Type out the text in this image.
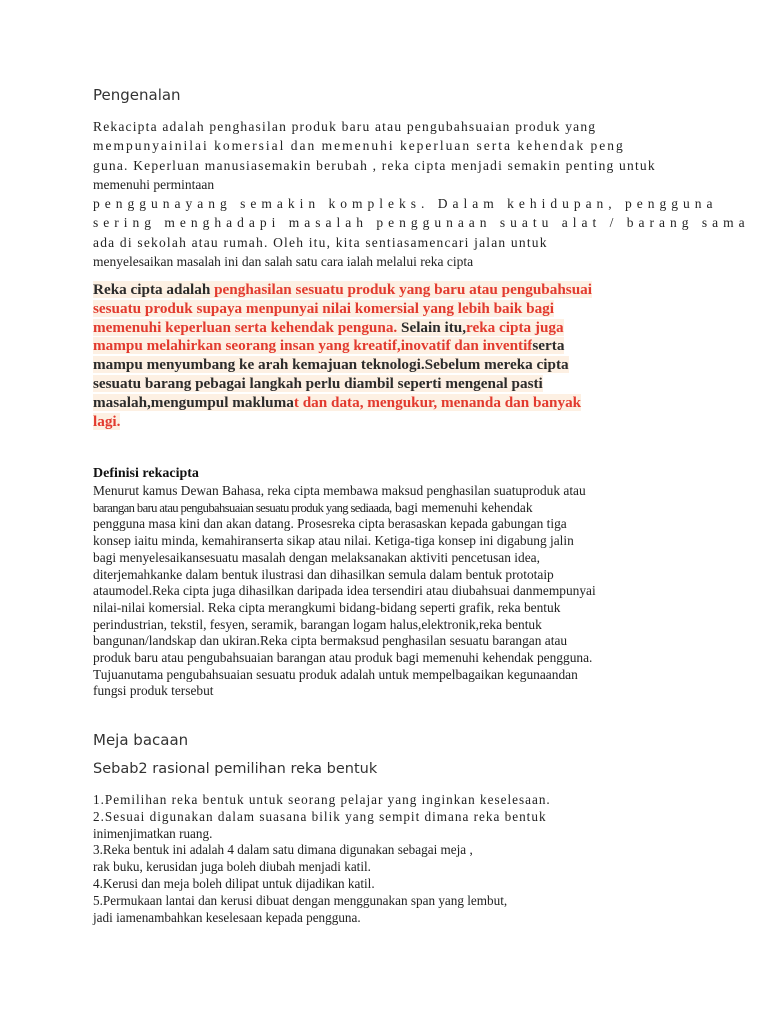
Pengenalan
Rekacipta adalah penghasilan produk baru atau pengubahsuaian produk yang
mempunyainilai komersial dan memenuhi keperluan serta kehendak peng
guna. Keperluan manusiasemakin berubah , reka cipta menjadi semakin penting untuk
memenuhi permintaan
penggunayang semakin kompleks. Dalam kehidupan, pengguna
sering menghadapi masalah penggunaan suatu alat / barang sama
ada di sekolah atau rumah. Oleh itu, kita sentiasamencari jalan untuk
menyelesaikan masalah ini dan salah satu cara ialah melalui reka cipta
Reka cipta adalah penghasilan sesuatu produk yang baru atau pengubahsuai
sesuatu produk supaya menpunyai nilai komersial yang lebih baik bagi
memenuhi keperluan serta kehendak penguna. Selain itu,reka cipta juga
mampu melahirkan seorang insan yang kreatif,inovatif dan inventifserta
mampu menyumbang ke arah kemajuan teknologi.Sebelum mereka cipta
sesuatu barang pebagai langkah perlu diambil seperti mengenal pasti
masalah,mengumpul maklumat dan data, mengukur, menanda dan banyak
lagi.
Definisi rekacipta
Menurut kamus Dewan Bahasa, reka cipta membawa maksud penghasilan suatuproduk atau
barangan baru atau pengubahsuaian sesuatu produk yang sediaada, bagi memenuhi kehendak
pengguna masa kini dan akan datang. Prosesreka cipta berasaskan kepada gabungan tiga
konsep iaitu minda, kemahiranserta sikap atau nilai. Ketiga-tiga konsep ini digabung jalin
bagi menyelesaikansesuatu masalah dengan melaksanakan aktiviti pencetusan idea,
diterjemahkanke dalam bentuk ilustrasi dan dihasilkan semula dalam bentuk prototaip
ataumodel.Reka cipta juga dihasilkan daripada idea tersendiri atau diubahsuai danmempunyai
nilai-nilai komersial. Reka cipta merangkumi bidang-bidang seperti grafik, reka bentuk
perindustrian, tekstil, fesyen, seramik, barangan logam halus,elektronik,reka bentuk
bangunan/landskap dan ukiran.Reka cipta bermaksud penghasilan sesuatu barangan atau
produk baru atau pengubahsuaian barangan atau produk bagi memenuhi kehendak pengguna.
Tujuanutama pengubahsuaian sesuatu produk adalah untuk mempelbagaikan kegunaandan
fungsi produk tersebut
Meja bacaan
Sebab2 rasional pemilihan reka bentuk
1.Pemilihan reka bentuk untuk seorang pelajar yang inginkan keselesaan.
2.Sesuai digunakan dalam suasana bilik yang sempit dimana reka bentuk
inimenjimatkan ruang.
3.Reka bentuk ini adalah 4 dalam satu dimana digunakan sebagai meja ,
rak buku, kerusidan juga boleh diubah menjadi katil.
4.Kerusi dan meja boleh dilipat untuk dijadikan katil.
5.Permukaan lantai dan kerusi dibuat dengan menggunakan span yang lembut,
jadi iamenambahkan keselesaan kepada pengguna.
